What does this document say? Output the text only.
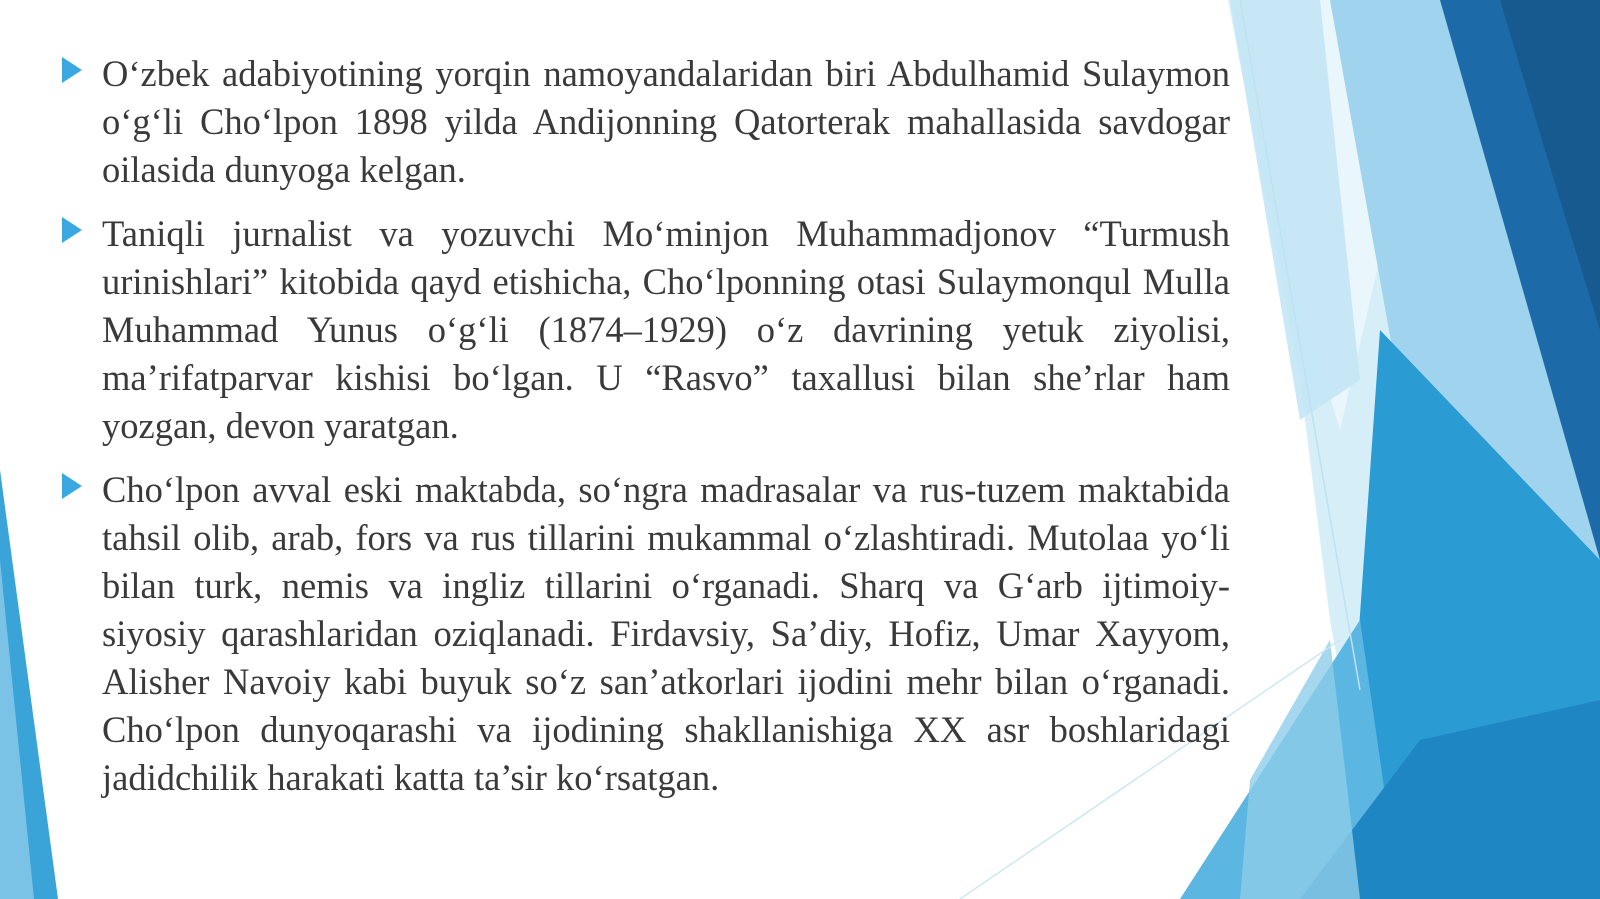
O‘zbek adabiyotining yorqin namoyandalaridan biri Abdulhamid Sulaymon o‘g‘li Cho‘lpon 1898 yilda Andijonning Qatorterak mahallasida savdogar oilasida dunyoga kelgan.

Taniqli jurnalist va yozuvchi Mo‘minjon Muhammadjonov “Turmush urinishlari” kitobida qayd etishicha, Cho‘lponning otasi Sulaymonqul Mulla Muhammad Yunus o‘g‘li (1874–1929) o‘z davrining yetuk ziyolisi, ma’rifatparvar kishisi bo‘lgan. U “Rasvo” taxallusi bilan she’rlar ham yozgan, devon yaratgan.

Cho‘lpon avval eski maktabda, so‘ngra madrasalar va rus-tuzem maktabida tahsil olib, arab, fors va rus tillarini mukammal o‘zlashtiradi. Mutolaa yo‘li bilan turk, nemis va ingliz tillarini o‘rganadi. Sharq va G‘arb ijtimoiy-siyosiy qarashlaridan oziqlanadi. Firdavsiy, Sa’diy, Hofiz, Umar Xayyom, Alisher Navoiy kabi buyuk so‘z san’atkorlari ijodini mehr bilan o‘rganadi. Cho‘lpon dunyoqarashi va ijodining shakllanishiga XX asr boshlaridagi jadidchilik harakati katta ta’sir ko‘rsatgan.
